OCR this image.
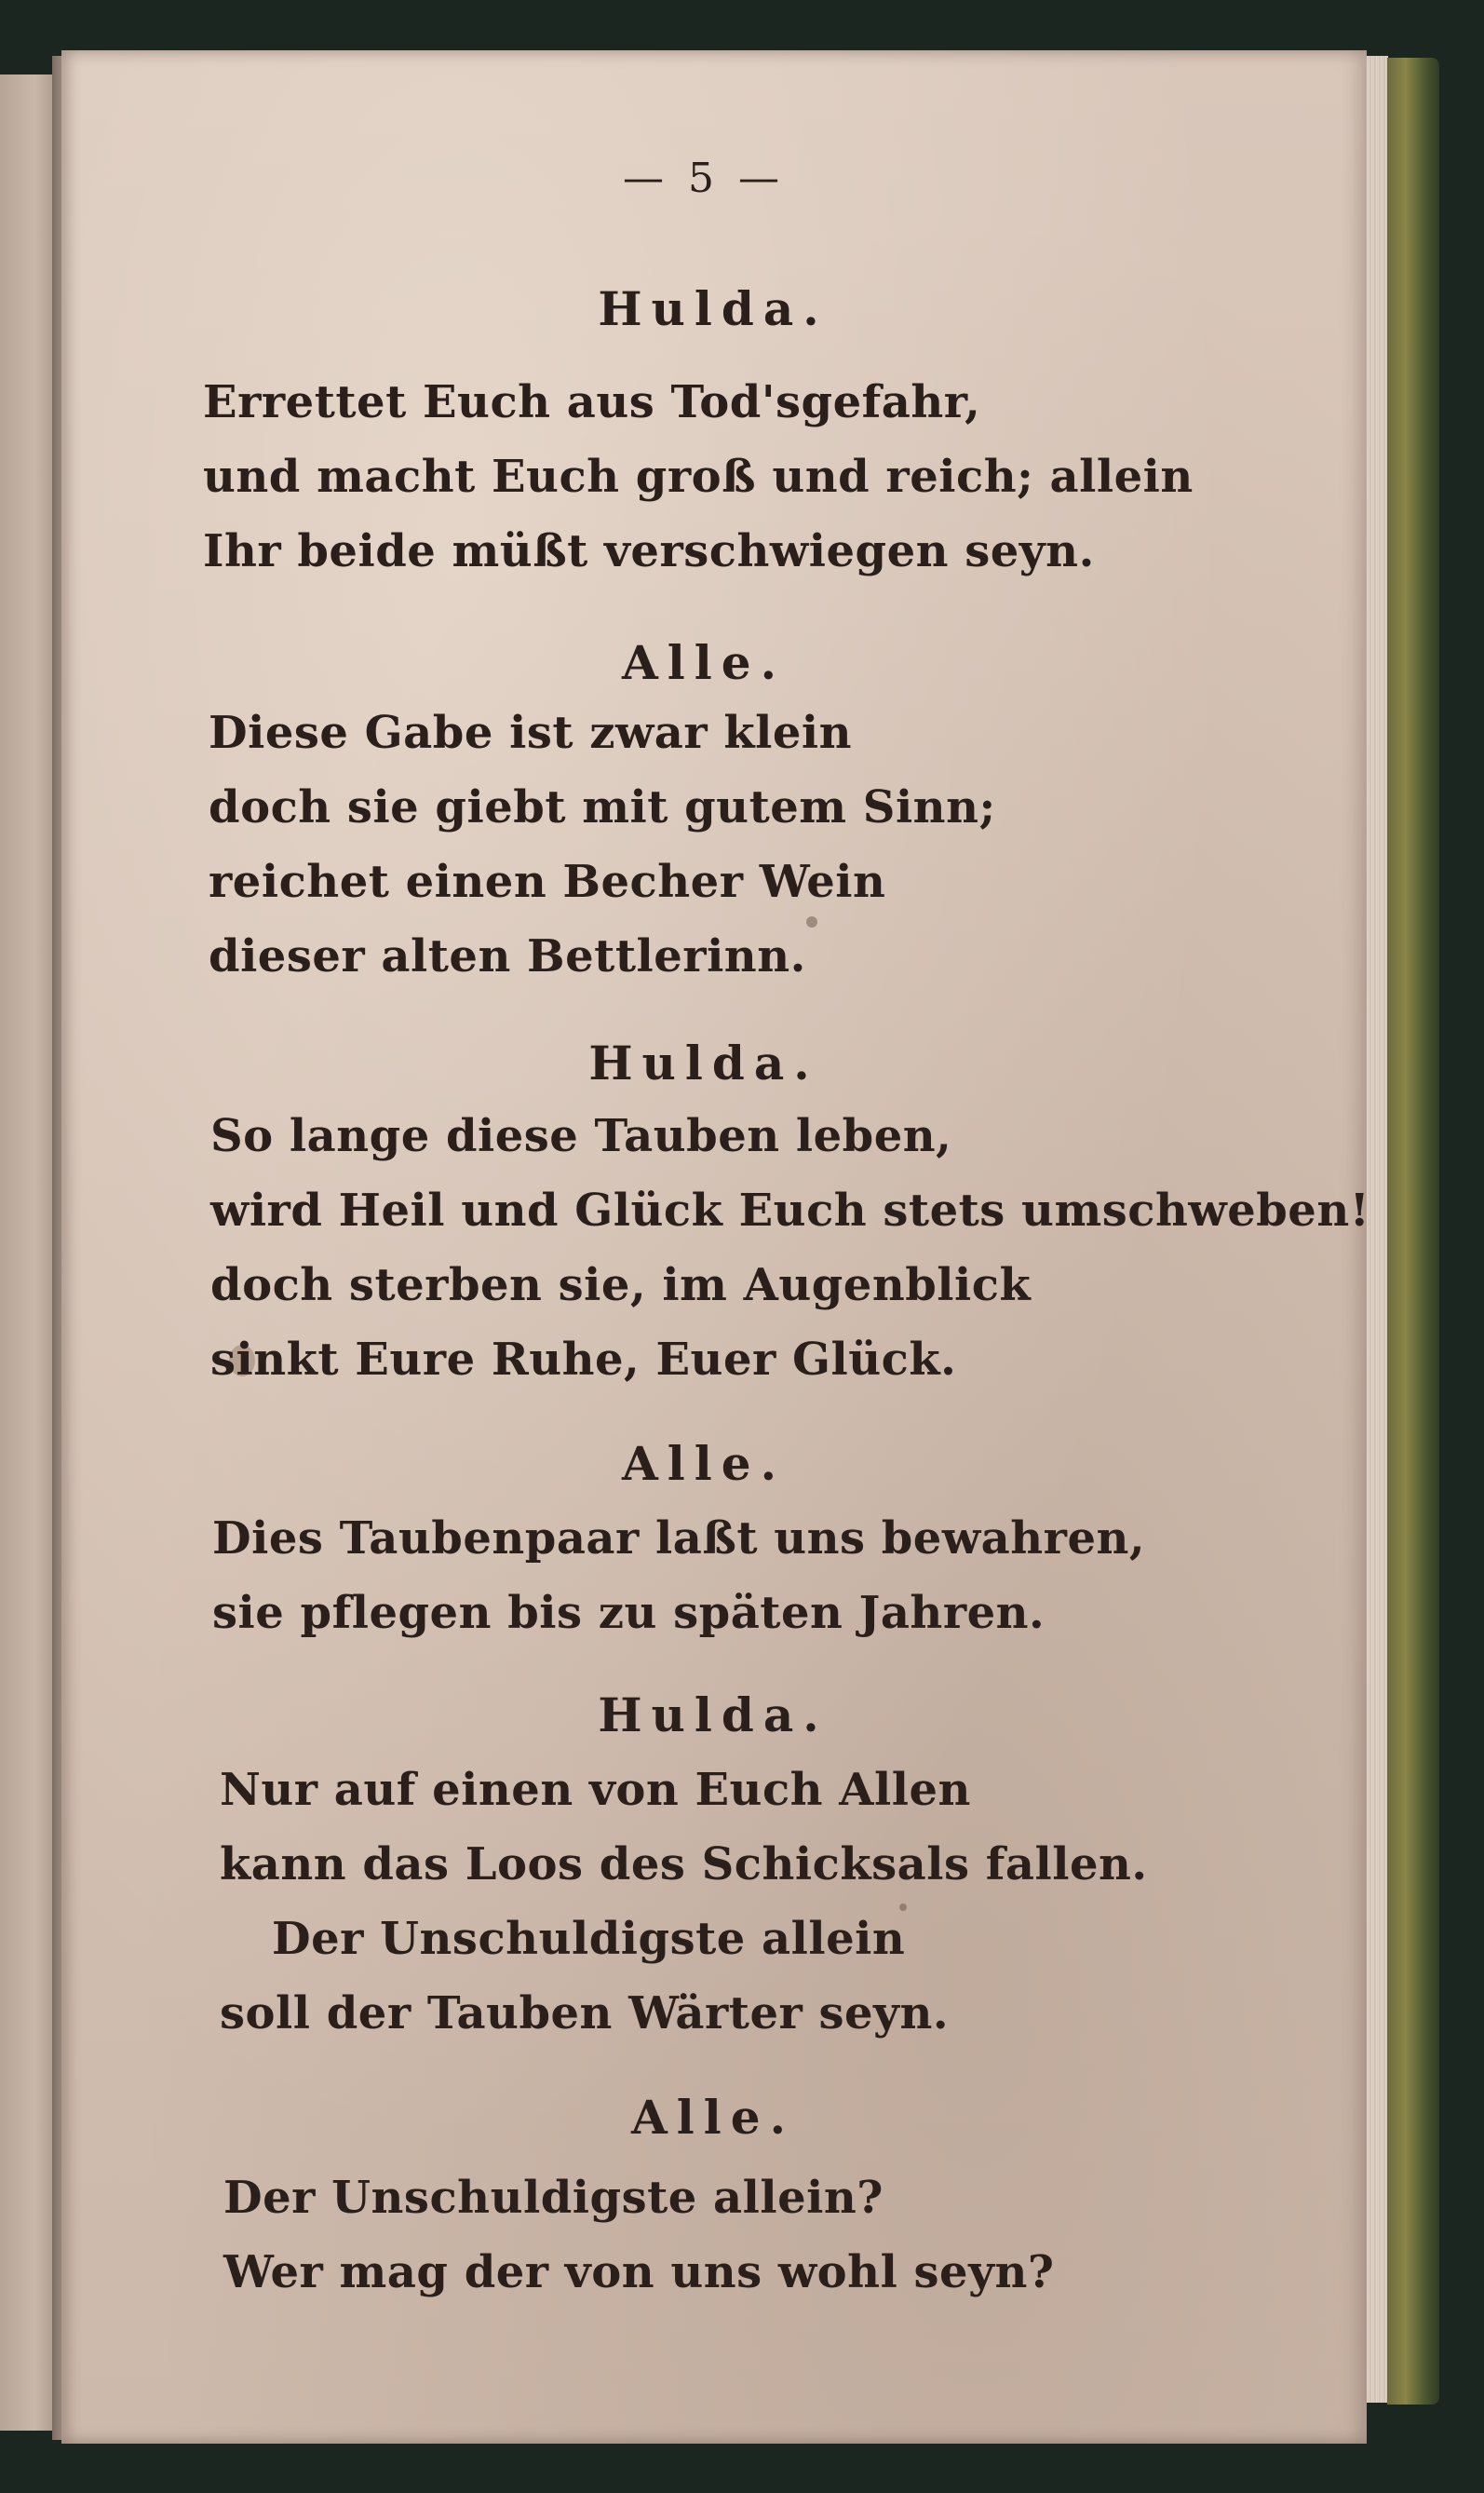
— 5 —
Hulda.
Errettet Euch aus Tod'sgefahr,
und macht Euch groß und reich; allein
Ihr beide müßt verschwiegen seyn.
Alle.
Diese Gabe ist zwar klein
doch sie giebt mit gutem Sinn;
reichet einen Becher Wein
dieser alten Bettlerinn.
Hulda.
So lange diese Tauben leben,
wird Heil und Glück Euch stets umschweben!
doch sterben sie, im Augenblick
sinkt Eure Ruhe, Euer Glück.
Alle.
Dies Taubenpaar laßt uns bewahren,
sie pflegen bis zu späten Jahren.
Hulda.
Nur auf einen von Euch Allen
kann das Loos des Schicksals fallen.
Der Unschuldigste allein
soll der Tauben Wärter seyn.
Alle.
Der Unschuldigste allein?
Wer mag der von uns wohl seyn?
